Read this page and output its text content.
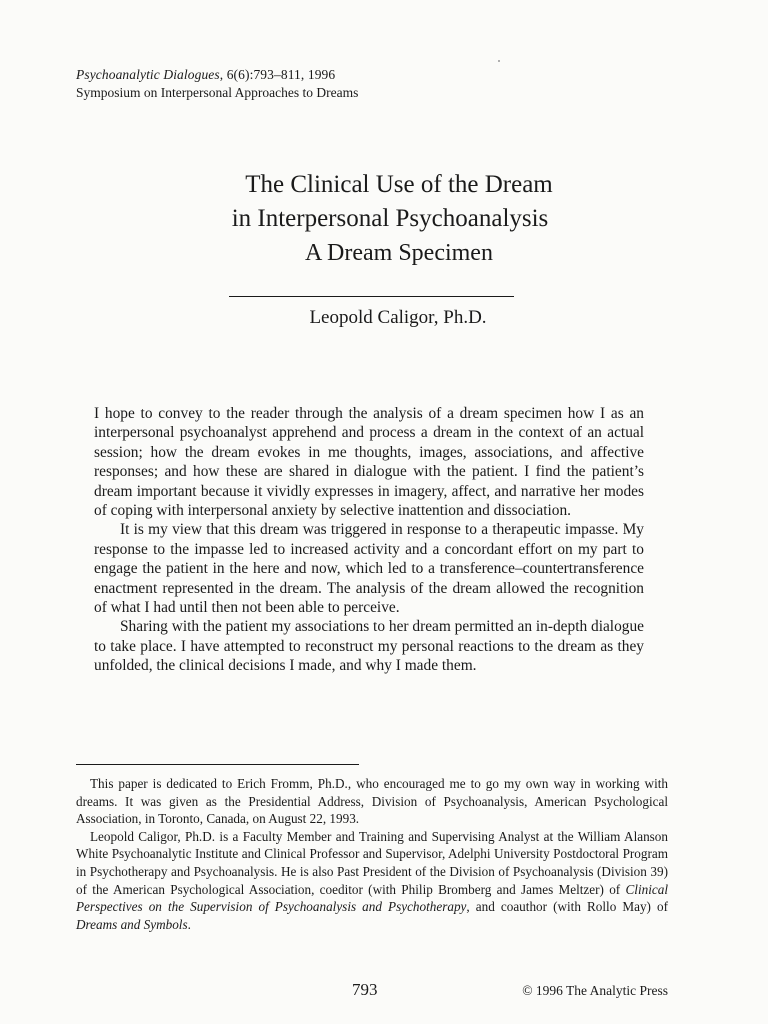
Psychoanalytic Dialogues, 6(6):793–811, 1996
Symposium on Interpersonal Approaches to Dreams
The Clinical Use of the Dream
in Interpersonal Psychoanalysis
A Dream Specimen
Leopold Caligor, Ph.D.

I hope to convey to the reader through the analysis of a dream specimen how I as an interpersonal psychoanalyst apprehend and process a dream in the context of an actual session; how the dream evokes in me thoughts, images, associations, and affective responses; and how these are shared in dialogue with the patient. I find the patient’s dream important because it vividly expresses in imagery, affect, and narrative her modes of coping with interpersonal anxiety by selective inattention and dissociation.

It is my view that this dream was triggered in response to a therapeutic impasse. My response to the impasse led to increased activity and a concordant effort on my part to engage the patient in the here and now, which led to a transference–countertransference enactment represented in the dream. The analysis of the dream allowed the recognition of what I had until then not been able to perceive.

Sharing with the patient my associations to her dream permitted an in-depth dialogue to take place. I have attempted to reconstruct my personal reactions to the dream as they unfolded, the clinical decisions I made, and why I made them.

This paper is dedicated to Erich Fromm, Ph.D., who encouraged me to go my own way in working with dreams. It was given as the Presidential Address, Division of Psychoanalysis, American Psychological Association, in Toronto, Canada, on August 22, 1993.

Leopold Caligor, Ph.D. is a Faculty Member and Training and Supervising Analyst at the William Alanson White Psychoanalytic Institute and Clinical Professor and Supervisor, Adelphi University Postdoctoral Program in Psychotherapy and Psychoanalysis. He is also Past President of the Division of Psychoanalysis (Division 39) of the American Psychological Association, coeditor (with Philip Bromberg and James Meltzer) of Clinical Perspectives on the Supervision of Psychoanalysis and Psychotherapy, and coauthor (with Rollo May) of Dreams and Symbols.

793	© 1996 The Analytic Press
